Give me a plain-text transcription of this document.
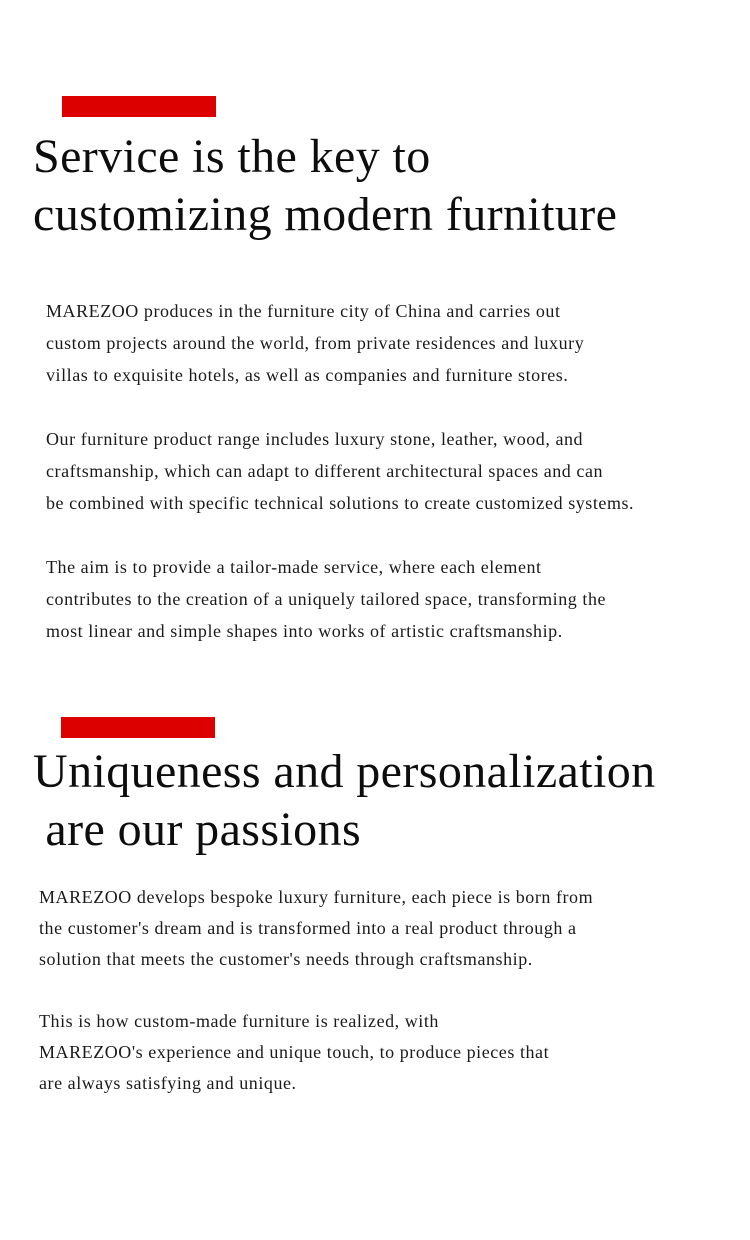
Service is the key to
customizing modern furniture

MAREZOO produces in the furniture city of China and carries out
custom projects around the world, from private residences and luxury
villas to exquisite hotels, as well as companies and furniture stores.

Our furniture product range includes luxury stone, leather, wood, and
craftsmanship, which can adapt to different architectural spaces and can
be combined with specific technical solutions to create customized systems.

The aim is to provide a tailor-made service, where each element
contributes to the creation of a uniquely tailored space, transforming the
most linear and simple shapes into works of artistic craftsmanship.

Uniqueness and personalization
are our passions

MAREZOO develops bespoke luxury furniture, each piece is born from
the customer's dream and is transformed into a real product through a
solution that meets the customer's needs through craftsmanship.

This is how custom-made furniture is realized, with
MAREZOO's experience and unique touch, to produce pieces that
are always satisfying and unique.
